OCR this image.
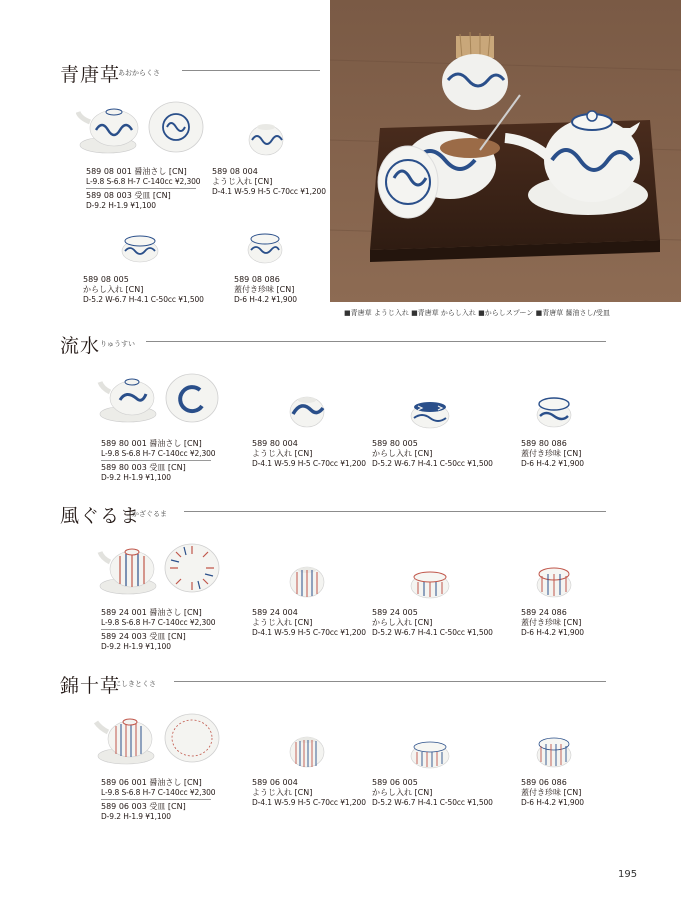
■青唐草 ようじ入れ ■青唐草 からし入れ ■からしスプーン ■青唐草 醤油さし/受皿
青唐草
あおからくさ
589 08 001 醤油さし [CN]
L-9.8 S-6.8 H-7 C-140cc ¥2,300
589 08 003 受皿 [CN]
D-9.2 H-1.9 ¥1,100
589 08 004
ようじ入れ [CN]
D-4.1 W-5.9 H-5 C-70cc ¥1,200
589 08 005
からし入れ [CN]
D-5.2 W-6.7 H-4.1 C-50cc ¥1,500
589 08 086
蓋付き珍味 [CN]
D-6 H-4.2 ¥1,900
流水 りゅうすい
589 80 001 醤油さし [CN]
L-9.8 S-6.8 H-7 C-140cc ¥2,300
589 80 003 受皿 [CN]
D-9.2 H-1.9 ¥1,100
589 80 004
ようじ入れ [CN]
D-4.1 W-5.9 H-5 C-70cc ¥1,200
589 80 005
からし入れ [CN]
D-5.2 W-6.7 H-4.1 C-50cc ¥1,500
589 80 086
蓋付き珍味 [CN]
D-6 H-4.2 ¥1,900
風ぐるま
かざぐるま
589 24 001 醤油さし [CN]
L-9.8 S-6.8 H-7 C-140cc ¥2,300
589 24 003 受皿 [CN]
D-9.2 H-1.9 ¥1,100
589 24 004
ようじ入れ [CN]
D-4.1 W-5.9 H-5 C-70cc ¥1,200
589 24 005
からし入れ [CN]
D-5.2 W-6.7 H-4.1 C-50cc ¥1,500
589 24 086
蓋付き珍味 [CN]
D-6 H-4.2 ¥1,900
錦十草
にしきとくさ
589 06 001 醤油さし [CN]
L-9.8 S-6.8 H-7 C-140cc ¥2,300
589 06 003 受皿 [CN]
D-9.2 H-1.9 ¥1,100
589 06 004
ようじ入れ [CN]
D-4.1 W-5.9 H-5 C-70cc ¥1,200
589 06 005
からし入れ [CN]
D-5.2 W-6.7 H-4.1 C-50cc ¥1,500
589 06 086
蓋付き珍味 [CN]
D-6 H-4.2 ¥1,900
195
